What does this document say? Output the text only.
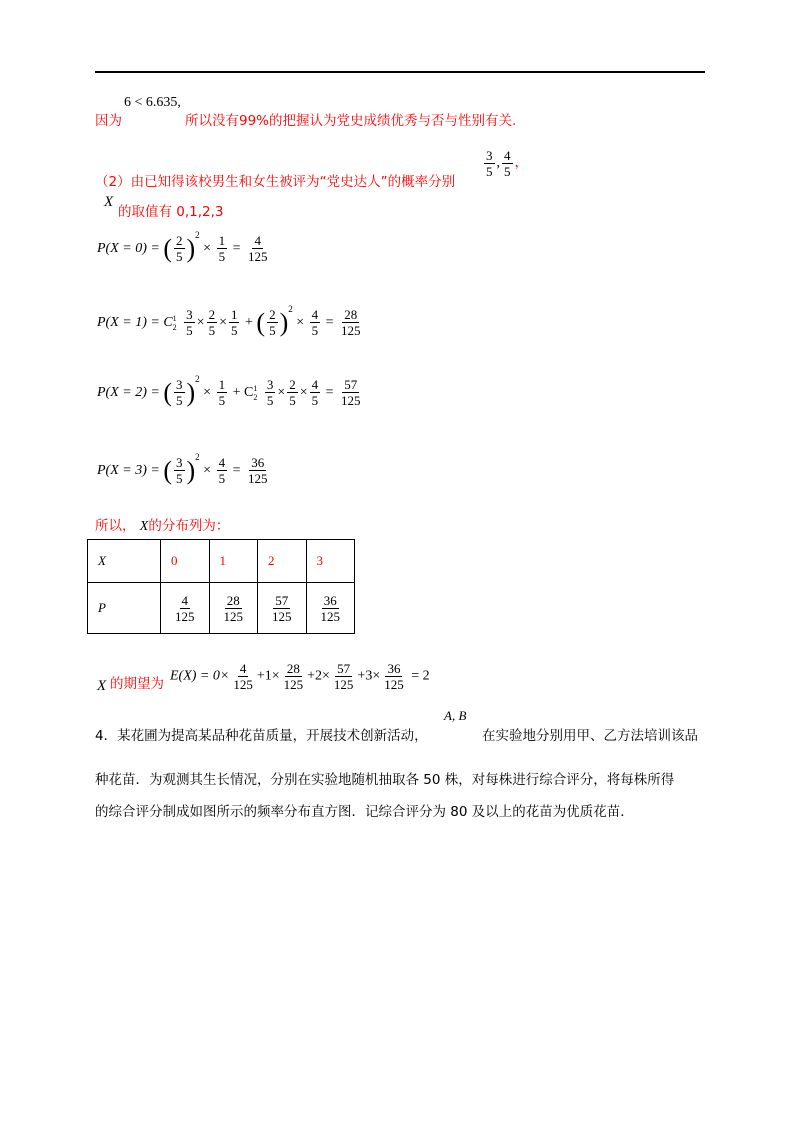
因为
6 < 6.635,
所以没有99%的把握认为党史成绩优秀与否与性别有关.
（2）由已知得该校男生和女生被评为“党史达人”的概率分别
$\frac{3}{5}$ , $\frac{4}{5}$ ，
X
的取值有 0,1,2,3
P(X = 0) = ( $\frac{2}{5} )^2 \times \frac{1}{5} = \frac{4}{125}$
P(X = 1) = C 1
2
$\frac{3}{5} \times \frac{2}{5} \times \frac{1}{5}$ + ( $\frac{2}{5} )^2 \times \frac{4}{5} = \frac{28}{125}$
P(X = 2) = ( $\frac{3}{5} )^2 \times \frac{1}{5} + C$ 1
2
$\frac{3}{5} \times \frac{2}{5} \times \frac{4}{5} = \frac{57}{125}$
P(X = 3) = ( $\frac{3}{5} )^2 \times \frac{4}{5} = \frac{36}{125}$
所以， X的分布列为：
X	0	1	2	3
P	$\frac{4}{125}$	$\frac{28}{125}$	$\frac{57}{125}$	$\frac{36}{125}$
X 的期望为 $E(X) = 0\times \frac{4}{125} +1\times \frac{28}{125} +2\times \frac{57}{125} +3\times \frac{36}{125} = 2$
4．某花圃为提高某品种花苗质量，开展技术创新活动，
A, B
在实验地分别用甲、乙方法培训该品
种花苗．为观测其生长情况，分别在实验地随机抽取各 50 株，对每株进行综合评分，将每株所得
的综合评分制成如图所示的频率分布直方图．记综合评分为 80 及以上的花苗为优质花苗．
